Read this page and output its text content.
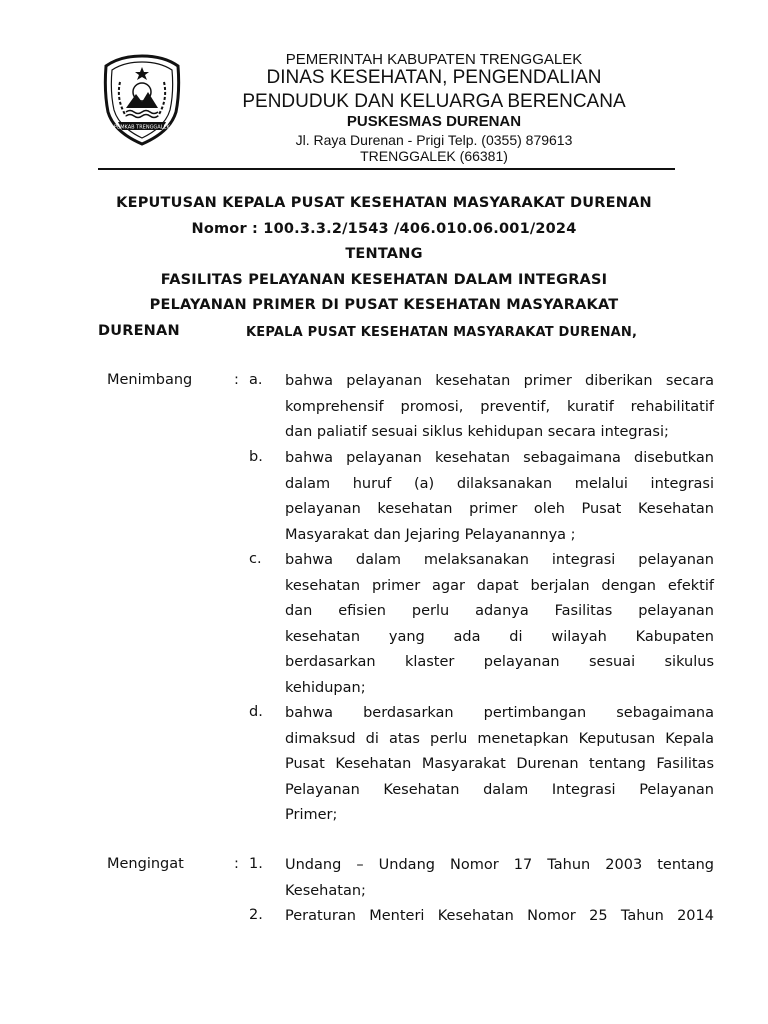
PEMKAB TRENGGALEK
PEMERINTAH KABUPATEN TRENGGALEK
DINAS KESEHATAN, PENGENDALIAN
PENDUDUK DAN KELUARGA BERENCANA
PUSKESMAS DURENAN
Jl. Raya Durenan - Prigi Telp. (0355) 879613
TRENGGALEK (66381)
KEPUTUSAN KEPALA PUSAT KESEHATAN MASYARAKAT DURENAN
Nomor : 100.3.3.2/1543 /406.010.06.001/2024
TENTANG
FASILITAS PELAYANAN KESEHATAN DALAM INTEGRASI
PELAYANAN PRIMER DI PUSAT KESEHATAN MASYARAKAT
DURENAN	KEPALA PUSAT KESEHATAN MASYARAKAT DURENAN,
Menimbang	: a. bahwa pelayanan kesehatan primer diberikan secara
komprehensif promosi, preventif, kuratif rehabilitatif
dan paliatif sesuai siklus kehidupan secara integrasi;

b. bahwa pelayanan kesehatan sebagaimana disebutkan
dalam huruf (a) dilaksanakan melalui integrasi
pelayanan kesehatan primer oleh Pusat Kesehatan
Masyarakat dan Jejaring Pelayanannya ;

c. bahwa dalam melaksanakan integrasi pelayanan
kesehatan primer agar dapat berjalan dengan efektif
dan efisien perlu adanya Fasilitas pelayanan
kesehatan yang ada di wilayah Kabupaten
berdasarkan klaster pelayanan sesuai sikulus
kehidupan;

d. bahwa berdasarkan pertimbangan sebagaimana
dimaksud di atas perlu menetapkan Keputusan Kepala
Pusat Kesehatan Masyarakat Durenan tentang Fasilitas
Pelayanan Kesehatan dalam Integrasi Pelayanan
Primer;

Mengingat	: 1. Undang – Undang Nomor 17 Tahun 2003 tentang
Kesehatan;

2. Peraturan Menteri Kesehatan Nomor 25 Tahun 2014
